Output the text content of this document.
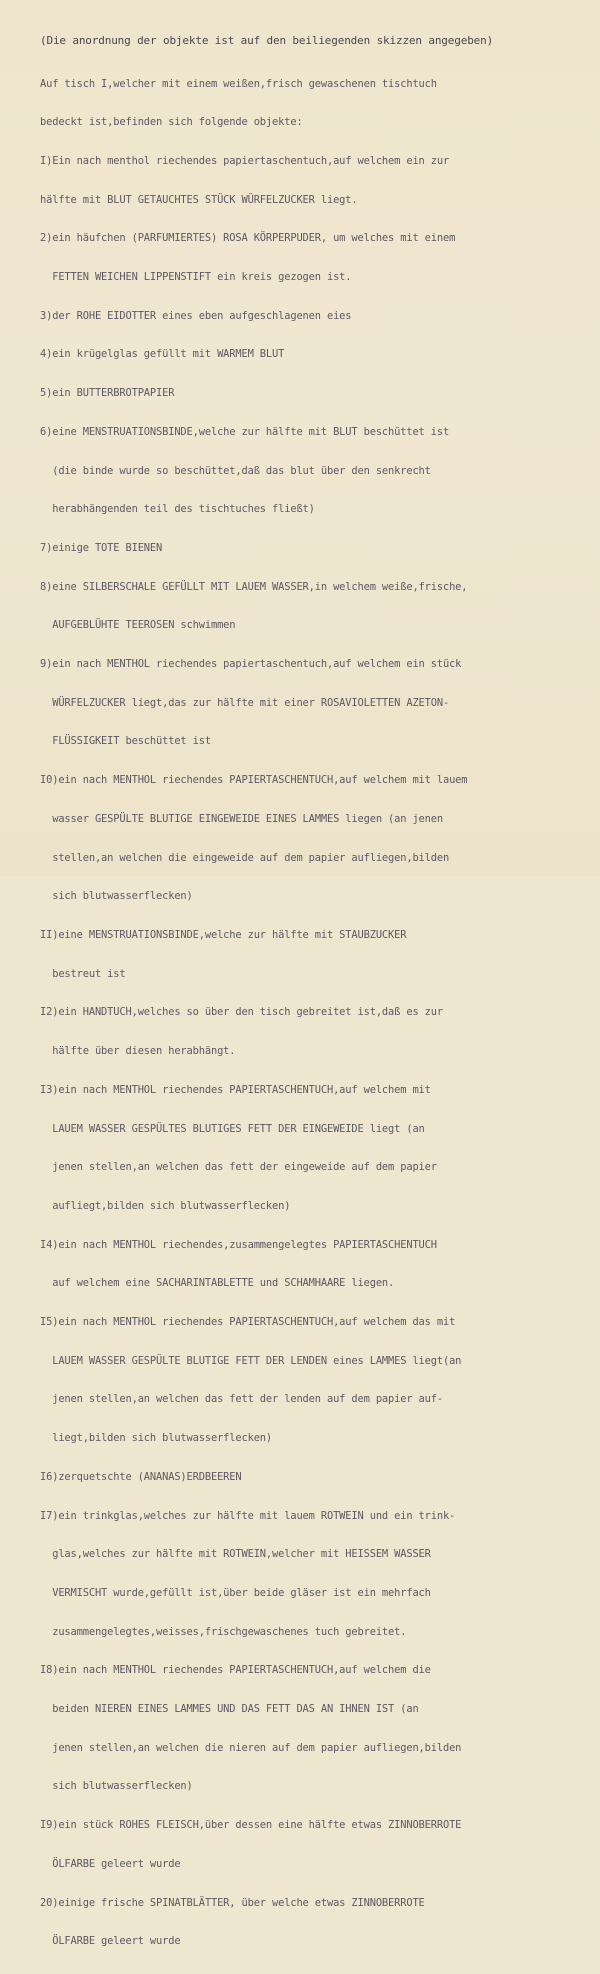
(Die anordnung der objekte ist auf den beiliegenden skizzen angegeben)

Auf tisch I,welcher mit einem weißen,frisch gewaschenen tischtuch

bedeckt ist,befinden sich folgende objekte:

I)Ein nach menthol riechendes papiertaschentuch,auf welchem ein zur

hälfte mit BLUT GETAUCHTES STÜCK WÜRFELZUCKER liegt.

2)ein häufchen (PARFUMIERTES) ROSA KÖRPERPUDER, um welches mit einem

FETTEN WEICHEN LIPPENSTIFT ein kreis gezogen ist.

3)der ROHE EIDOTTER eines eben aufgeschlagenen eies

4)ein krügelglas gefüllt mit WARMEM BLUT

5)ein BUTTERBROTPAPIER

6)eine MENSTRUATIONSBINDE,welche zur hälfte mit BLUT beschüttet ist

(die binde wurde so beschüttet,daß das blut über den senkrecht

herabhängenden teil des tischtuches fließt)

7)einige TOTE BIENEN

8)eine SILBERSCHALE GEFÜLLT MIT LAUEM WASSER,in welchem weiße,frische,

AUFGEBLÜHTE TEEROSEN schwimmen

9)ein nach MENTHOL riechendes papiertaschentuch,auf welchem ein stück

WÜRFELZUCKER liegt,das zur hälfte mit einer ROSAVIOLETTEN AZETON-

FLÜSSIGKEIT beschüttet ist

I0)ein nach MENTHOL riechendes PAPIERTASCHENTUCH,auf welchem mit lauem

wasser GESPÜLTE BLUTIGE EINGEWEIDE EINES LAMMES liegen (an jenen

stellen,an welchen die eingeweide auf dem papier aufliegen,bilden

sich blutwasserflecken)

II)eine MENSTRUATIONSBINDE,welche zur hälfte mit STAUBZUCKER

bestreut ist

I2)ein HANDTUCH,welches so über den tisch gebreitet ist,daß es zur

hälfte über diesen herabhängt.

I3)ein nach MENTHOL riechendes PAPIERTASCHENTUCH,auf welchem mit

LAUEM WASSER GESPÜLTES BLUTIGES FETT DER EINGEWEIDE liegt (an

jenen stellen,an welchen das fett der eingeweide auf dem papier

aufliegt,bilden sich blutwasserflecken)

I4)ein nach MENTHOL riechendes,zusammengelegtes PAPIERTASCHENTUCH

auf welchem eine SACHARINTABLETTE und SCHAMHAARE liegen.

I5)ein nach MENTHOL riechendes PAPIERTASCHENTUCH,auf welchem das mit

LAUEM WASSER GESPÜLTE BLUTIGE FETT DER LENDEN eines LAMMES liegt(an

jenen stellen,an welchen das fett der lenden auf dem papier auf-

liegt,bilden sich blutwasserflecken)

I6)zerquetschte (ANANAS)ERDBEEREN

I7)ein trinkglas,welches zur hälfte mit lauem ROTWEIN und ein trink-

glas,welches zur hälfte mit ROTWEIN,welcher mit HEISSEM WASSER

VERMISCHT wurde,gefüllt ist,über beide gläser ist ein mehrfach

zusammengelegtes,weisses,frischgewaschenes tuch gebreitet.

I8)ein nach MENTHOL riechendes PAPIERTASCHENTUCH,auf welchem die

beiden NIEREN EINES LAMMES UND DAS FETT DAS AN IHNEN IST (an

jenen stellen,an welchen die nieren auf dem papier aufliegen,bilden

sich blutwasserflecken)

I9)ein stück ROHES FLEISCH,über dessen eine hälfte etwas ZINNOBERROTE

ÖLFARBE geleert wurde

20)einige frische SPINATBLÄTTER, über welche etwas ZINNOBERROTE

ÖLFARBE geleert wurde
